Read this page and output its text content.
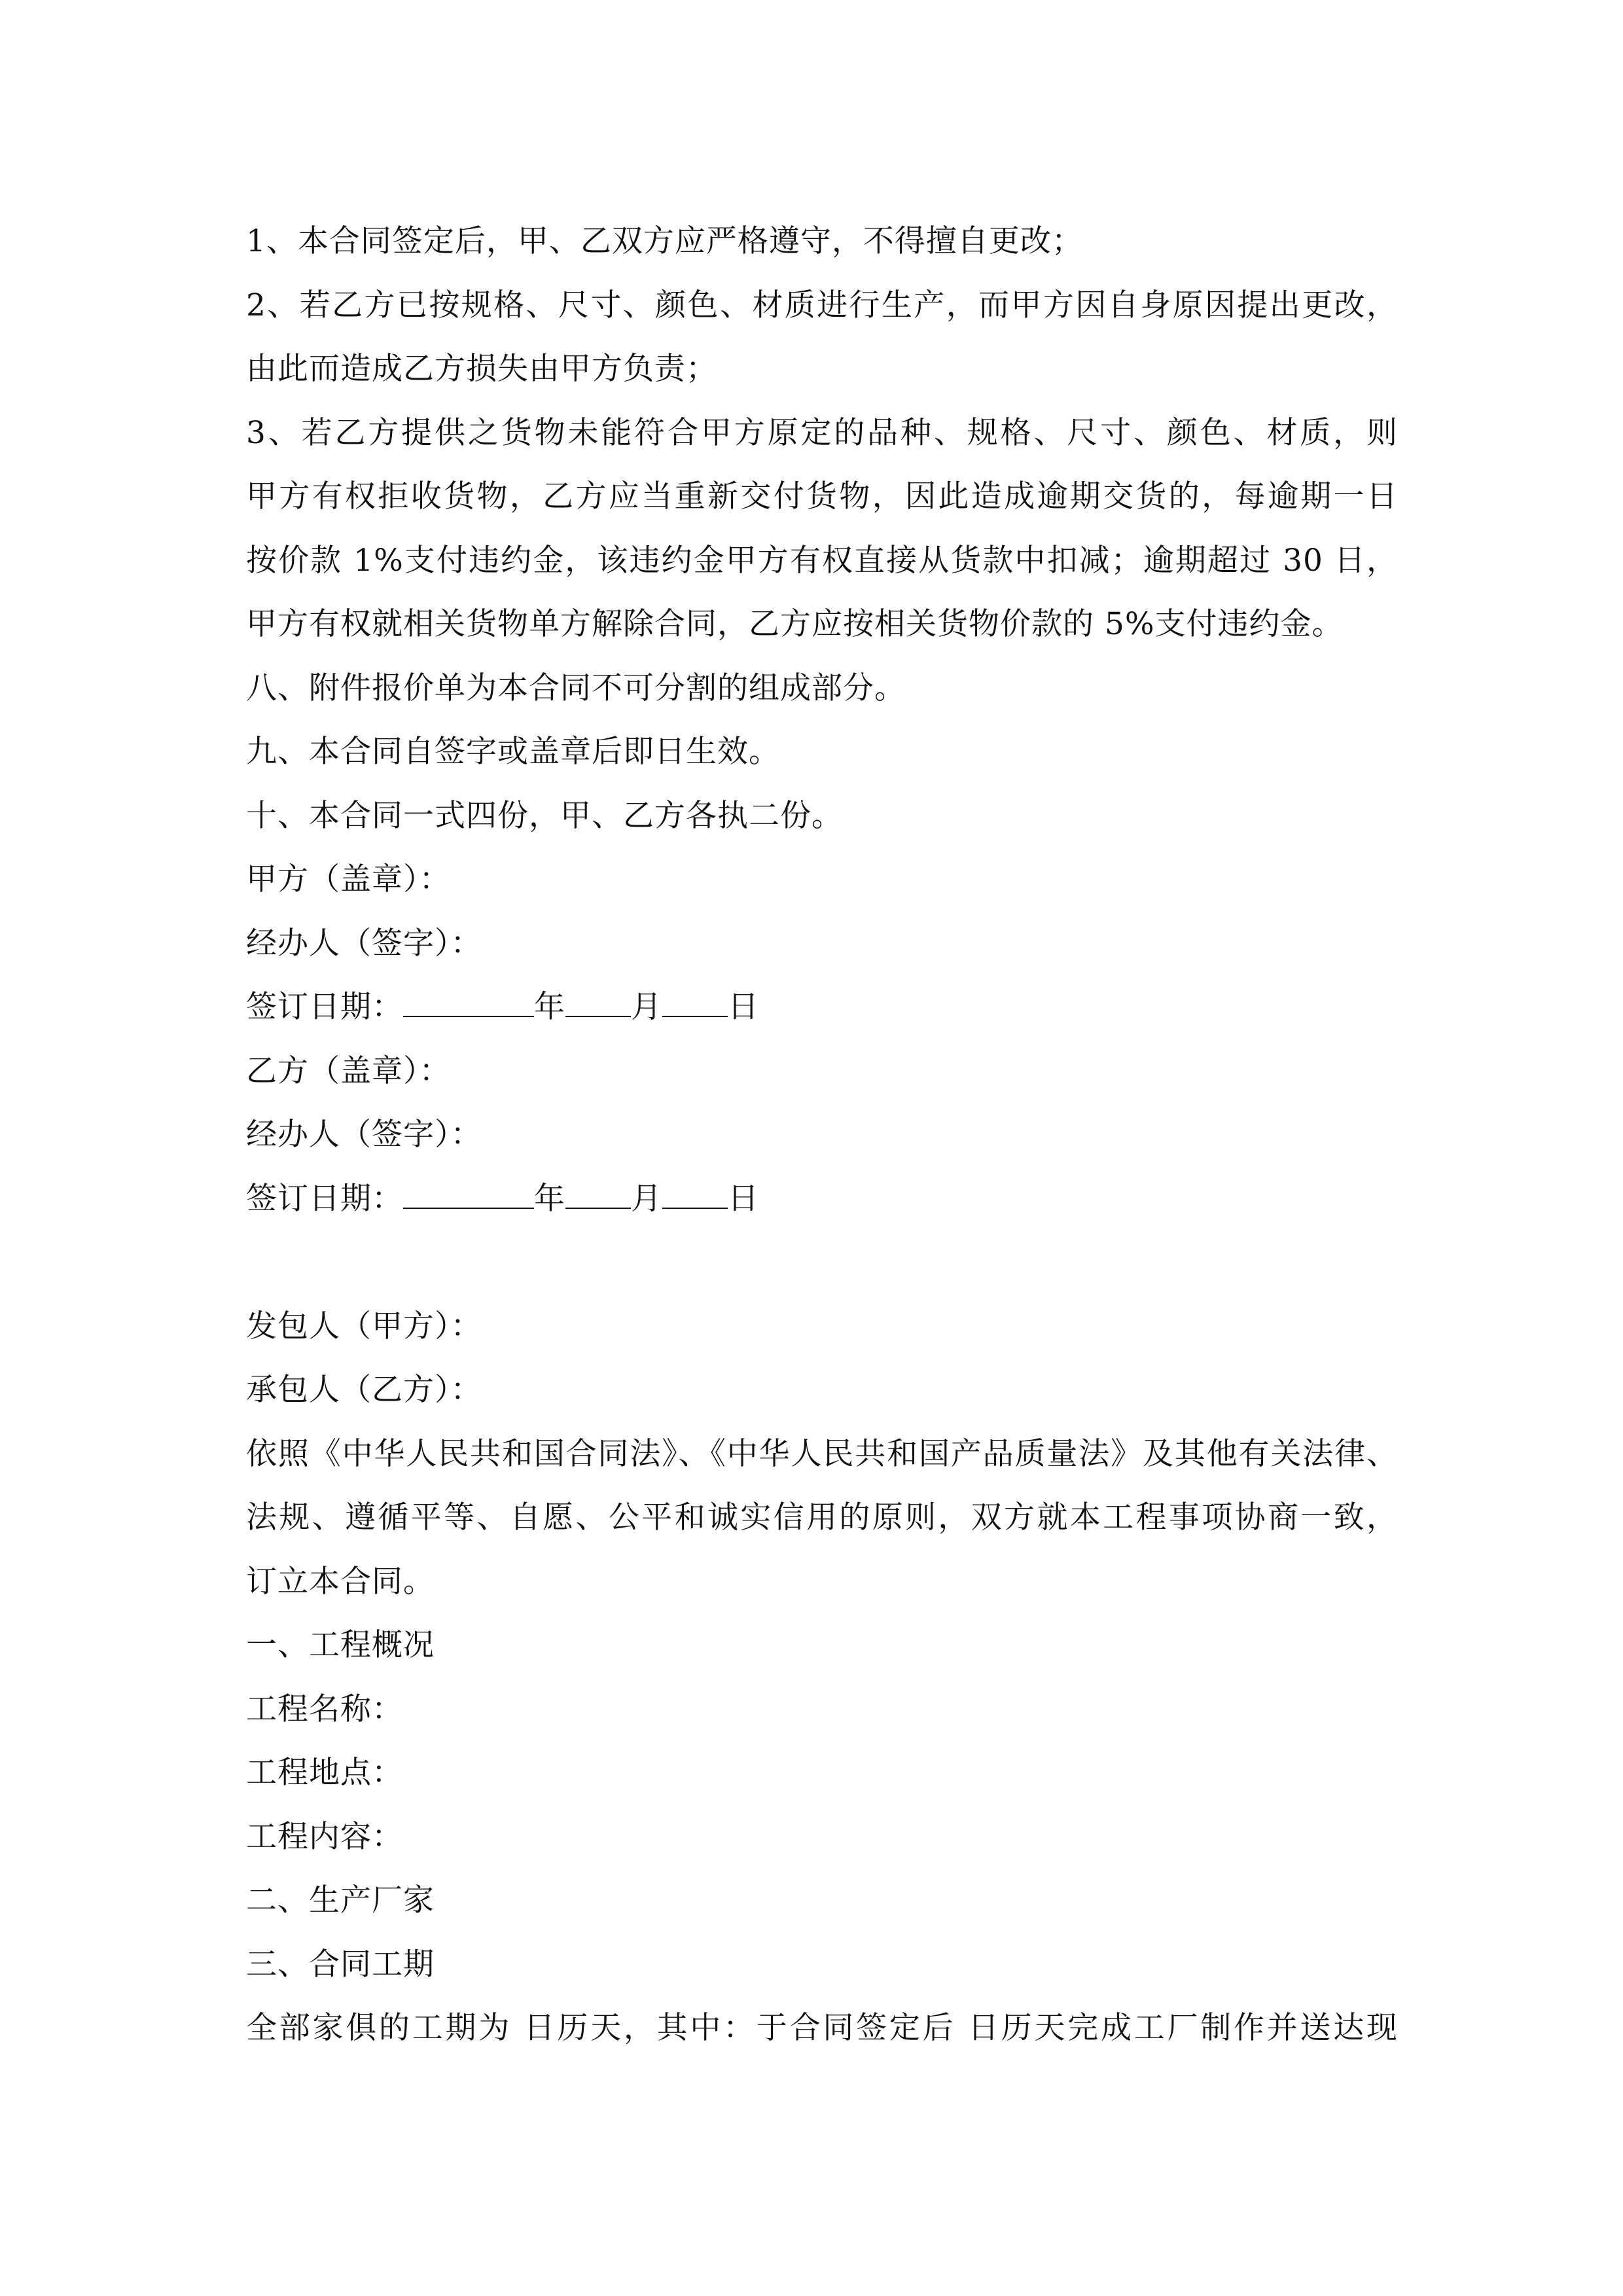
1、本合同签定后，甲、乙双方应严格遵守，不得擅自更改；
2、若乙方已按规格、尺寸、颜色、材质进行生产，而甲方因自身原因提出更改，
由此而造成乙方损失由甲方负责；
3、若乙方提供之货物未能符合甲方原定的品种、规格、尺寸、颜色、材质，则
甲方有权拒收货物，乙方应当重新交付货物，因此造成逾期交货的，每逾期一日
按价款 1%支付违约金，该违约金甲方有权直接从货款中扣减；逾期超过 30 日，
甲方有权就相关货物单方解除合同，乙方应按相关货物价款的 5%支付违约金。
八、附件报价单为本合同不可分割的组成部分。
九、本合同自签字或盖章后即日生效。
十、本合同一式四份，甲、乙方各执二份。
甲方（盖章）：
经办人（签字）：
签订日期：	年 月 日
乙方（盖章）：
经办人（签字）：
签订日期：	年 月 日
发包人（甲方）：
承包人（乙方）：
依照《中华人民共和国合同法》、《中华人民共和国产品质量法》及其他有关法律、
法规、遵循平等、自愿、公平和诚实信用的原则，双方就本工程事项协商一致，
订立本合同。
一、工程概况
工程名称：
工程地点：
工程内容：
二、生产厂家
三、合同工期
全部家俱的工期为 日历天，其中：于合同签定后 日历天完成工厂制作并送达现
